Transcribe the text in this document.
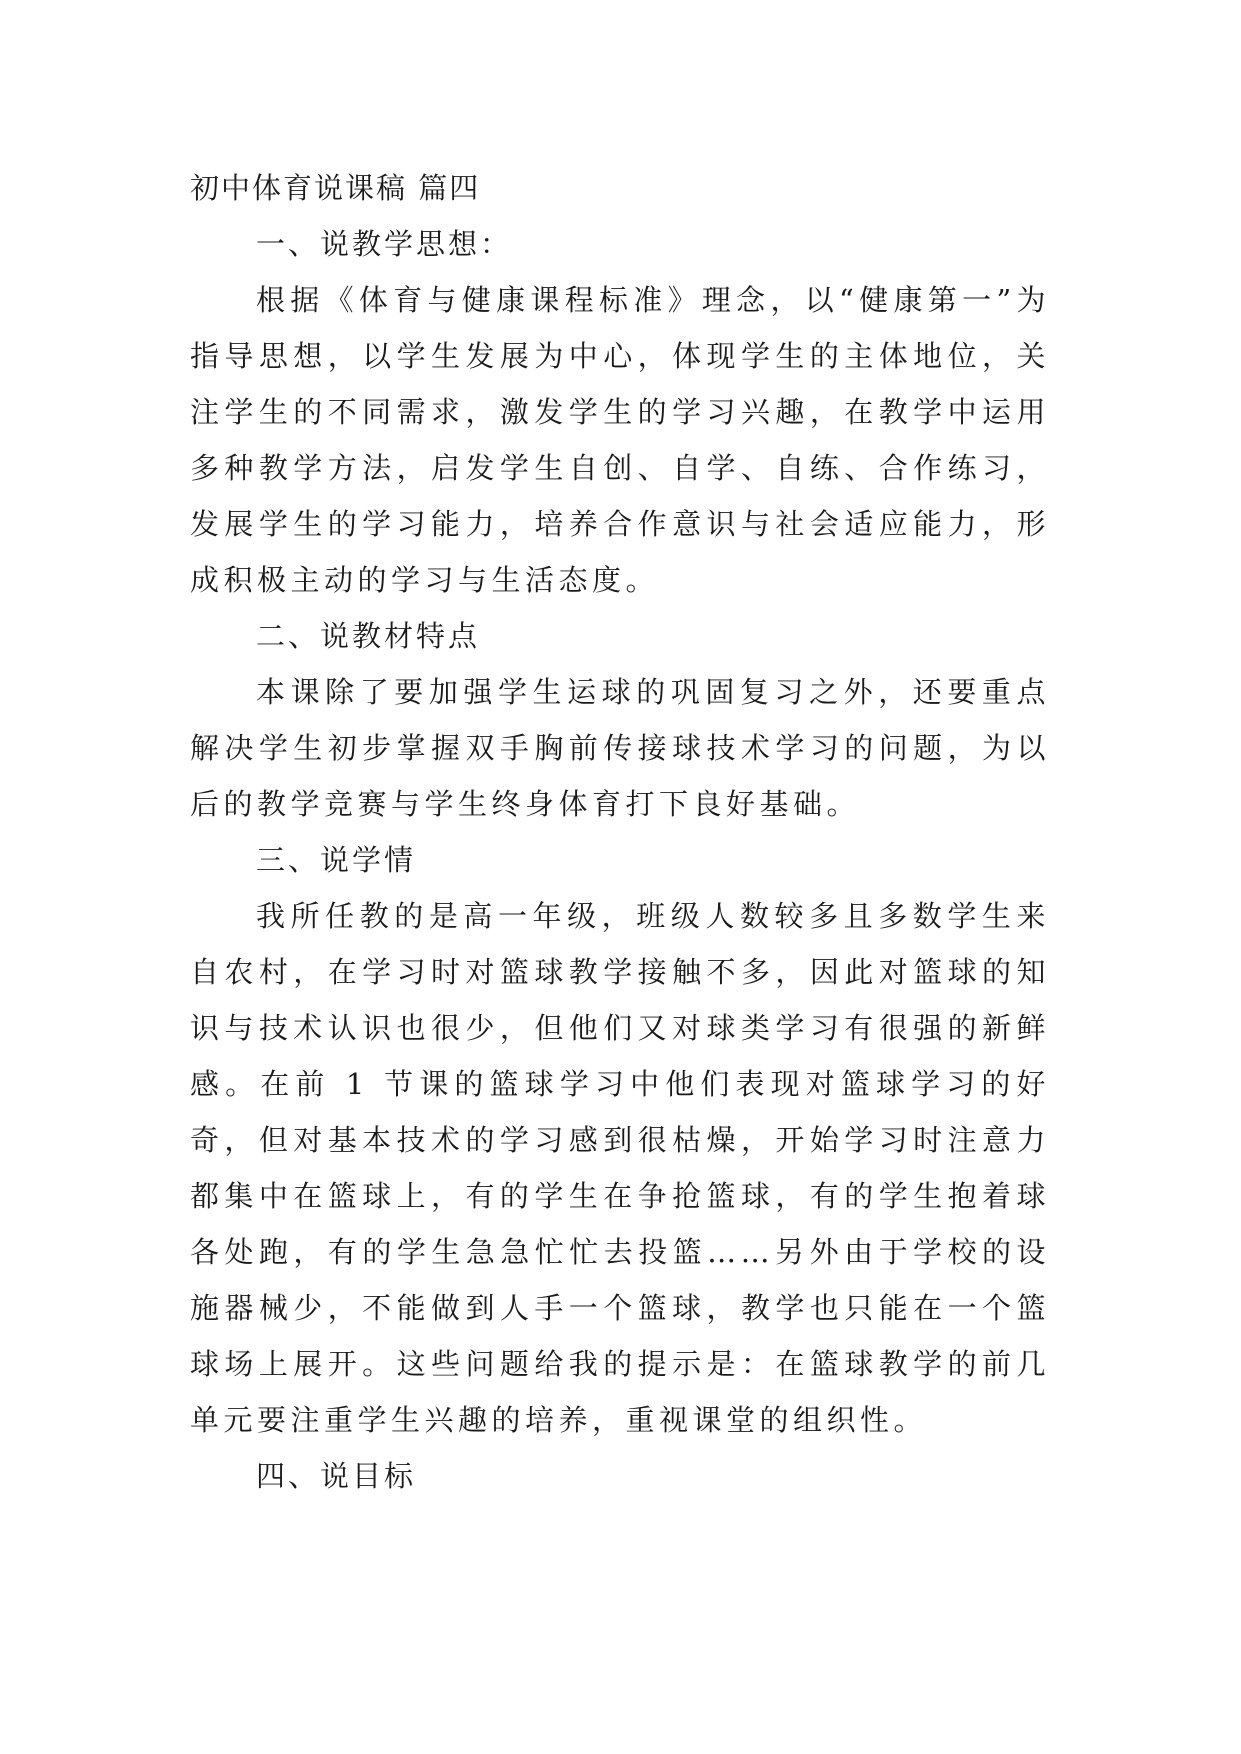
初中体育说课稿 篇四
一、说教学思想：

根据《体育与健康课程标准》理念，以“健康第一”为指导思想，以学生发展为中心，体现学生的主体地位，关注学生的不同需求，激发学生的学习兴趣，在教学中运用多种教学方法，启发学生自创、自学、自练、合作练习，发展学生的学习能力，培养合作意识与社会适应能力，形成积极主动的学习与生活态度。

二、说教材特点

本课除了要加强学生运球的巩固复习之外，还要重点解决学生初步掌握双手胸前传接球技术学习的问题，为以后的教学竞赛与学生终身体育打下良好基础。

三、说学情

我所任教的是高一年级，班级人数较多且多数学生来自农村，在学习时对篮球教学接触不多，因此对篮球的知识与技术认识也很少，但他们又对球类学习有很强的新鲜感。在前 1 节课的篮球学习中他们表现对篮球学习的好奇，但对基本技术的学习感到很枯燥，开始学习时注意力都集中在篮球上，有的学生在争抢篮球，有的学生抱着球各处跑，有的学生急急忙忙去投篮……另外由于学校的设施器械少，不能做到人手一个篮球，教学也只能在一个篮球场上展开。这些问题给我的提示是：在篮球教学的前几单元要注重学生兴趣的培养，重视课堂的组织性。

四、说目标
